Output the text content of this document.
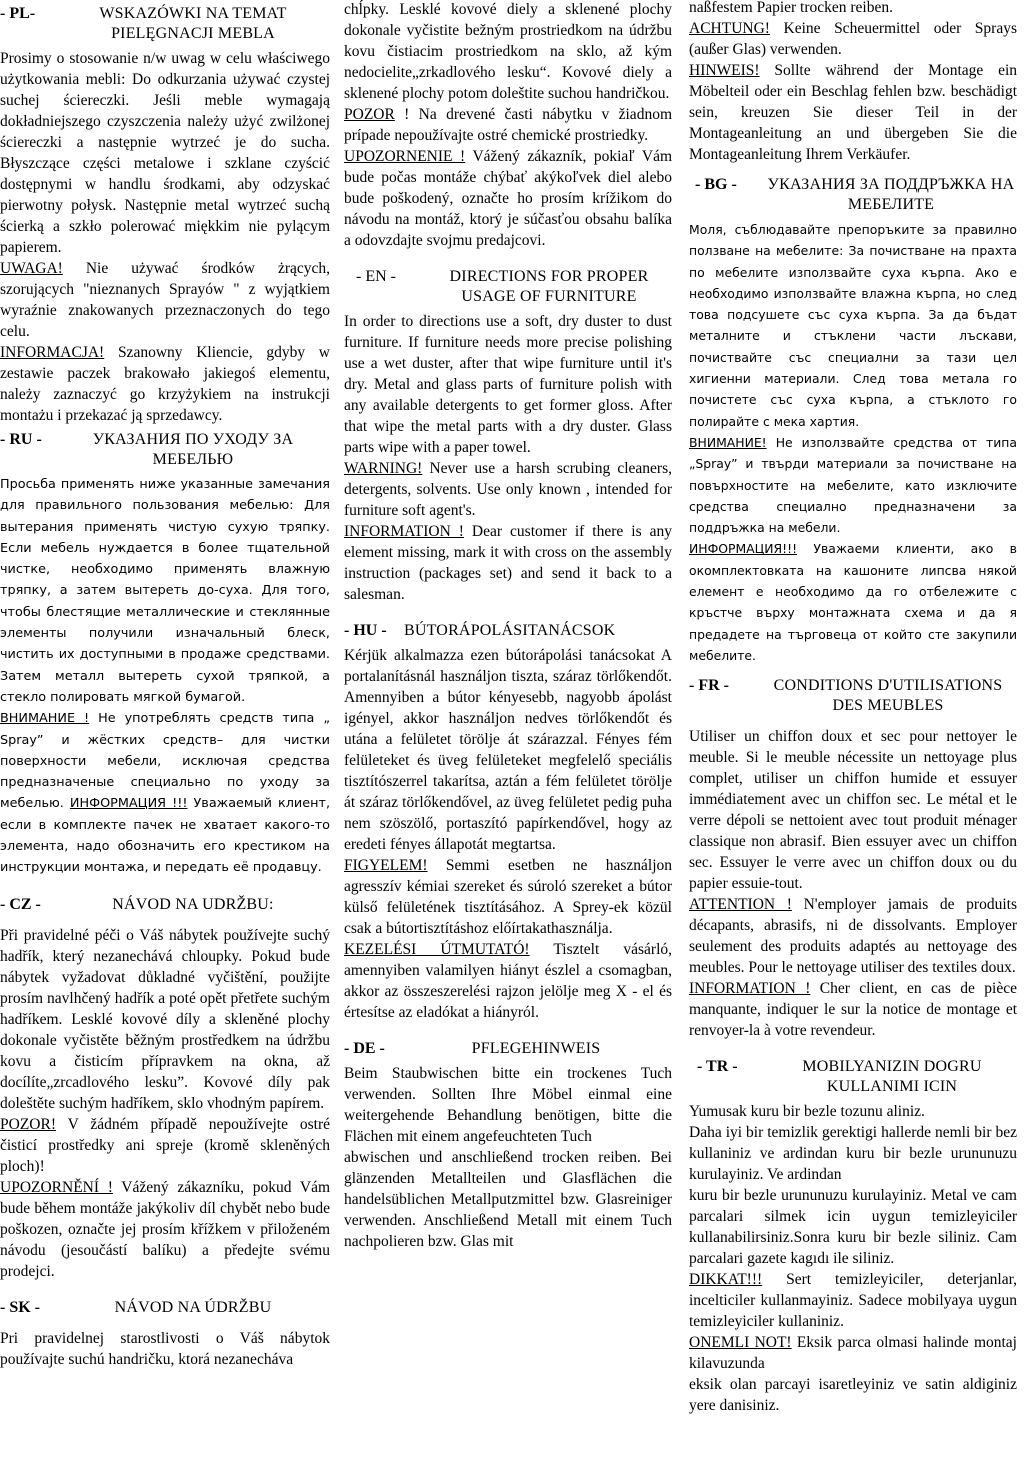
- PL-	WSKAZÓWKI NA TEMAT PIELĘGNACJI MEBLA

Prosimy o stosowanie n/w uwag w celu właściwego użytkowania mebli: Do odkurzania używać czystej suchej ściereczki. Jeśli meble wymagają dokładniejszego czyszczenia należy użyć zwilżonej ściereczki a następnie wytrzeć je do sucha. Błyszczące części metalowe i szklane czyścić dostępnymi w handlu środkami, aby odzyskać pierwotny połysk. Następnie metal wytrzeć suchą ścierką a szkło polerować miękkim nie pylącym papierem.

UWAGA! Nie używać środków żrących, szorujących "nieznanych Sprayów " z wyjątkiem wyraźnie znakowanych przeznaczonych do tego celu.

INFORMACJA! Szanowny Kliencie, gdyby w zestawie paczek brakowało jakiegoś elementu, należy zaznaczyć go krzyżykiem na instrukcji montażu i przekazać ją sprzedawcy.

- RU -	УКАЗАНИЯ ПО УХОДУ ЗА МЕБЕЛЬЮ

Просьба применять ниже указанные замечания для правильного пользования мебелью: Для вытерания применять чистую сухую тряпку. Если мебель нуждается в более тщательной чистке, необходимо применять влажную тряпку, а затем вытереть до-суха. Для того, чтобы блестящие металлические и стеклянные элементы получили изначальный блеск, чистить их доступными в продаже средствами. Затем металл вытереть сухой тряпкой, а стекло полировать мягкой бумагой.

ВНИМАНИЕ ! Не употреблять средств типа „ Spray” и жёстких средств– для чистки поверхности мебели, исключая средства предназначеные специально по уходу за мебелью. ИНФОРМАЦИЯ !!! Уважаемый клиент, если в комплекте пачек не хватает какого-то элемента, надо обозначить его крестиком на инструкции монтажа, и передать её продавцу.

- CZ -	NÁVOD NA UDRŽBU:

Při pravidelné péči o Váš nábytek používejte suchý hadřík, který nezanechává chloupky. Pokud bude nábytek vyžadovat důkladné vyčištění, použijte prosím navlhčený hadřík a poté opět přetřete suchým hadříkem. Lesklé kovové díly a skleněné plochy dokonale vyčistěte běžným prostředkem na údržbu kovu a čisticím přípravkem na okna, až docílíte„zrcadlového lesku”. Kovové díly pak doleštěte suchým hadříkem, sklo vhodným papírem.

POZOR! V žádném případě nepoužívejte ostré čisticí prostředky ani spreje (kromě skleněných ploch)!

UPOZORNĚNÍ ! Vážený zákazníku, pokud Vám bude během montáže jakýkoliv díl chybět nebo bude poškozen, označte jej prosím křížkem v přiloženém návodu (jesoučástí balíku) a předejte svému prodejci.

- SK -	NÁVOD NA ÚDRŽBU

Pri pravidelnej starostlivosti o Váš nábytok používajte suchú handričku, ktorá nezanecháva

chĺpky. Lesklé kovové diely a sklenené plochy dokonale vyčistite bežným prostriedkom na údržbu kovu čistiacim prostriedkom na sklo, až kým nedocielite„zrkadlového lesku“. Kovové diely a sklenené plochy potom doleštite suchou handričkou.

POZOR ! Na drevené časti nábytku v žiadnom prípade nepoužívajte ostré chemické prostriedky.

UPOZORNENIE ! Vážený zákazník, pokiaľ Vám bude počas montáže chýbať akýkoľvek diel alebo bude poškodený, označte ho prosím krížikom do návodu na montáž, ktorý je súčasťou obsahu balíka a odovzdajte svojmu predajcovi.

- EN -	DIRECTIONS FOR PROPER USAGE OF FURNITURE

In order to directions use a soft, dry duster to dust furniture. If furniture needs more precise polishing use a wet duster, after that wipe furniture until it's dry. Metal and glass parts of furniture polish with any available detergents to get former gloss. After that wipe the metal parts with a dry duster. Glass parts wipe with a paper towel.

WARNING! Never use a harsh scrubing cleaners, detergents, solvents. Use only known , intended for furniture soft agent's.

INFORMATION ! Dear customer if there is any element missing, mark it with cross on the assembly instruction (packages set) and send it back to a salesman.

- HU -	BÚTORÁPOLÁSITANÁCSOK

Kérjük alkalmazza ezen bútorápolási tanácsokat A portalanításnál használjon tiszta, száraz törlőkendőt. Amennyiben a bútor kényesebb, nagyobb ápolást igényel, akkor használjon nedves törlőkendőt és utána a felületet törölje át szárazzal. Fényes fém felületeket és üveg felületeket megfelelő speciális tisztítószerrel takarítsa, aztán a fém felületet törölje át száraz törlőkendővel, az üveg felületet pedig puha nem szöszölő, portaszító papírkendővel, hogy az eredeti fényes állapotát megtartsa.

FIGYELEM! Semmi esetben ne használjon agresszív kémiai szereket és súroló szereket a bútor külső felületének tisztításához. A Sprey-ek közül csak a bútortisztításhoz előírtakathasználja.

KEZELÉSI ÚTMUTATÓ! Tisztelt vásárló, amennyiben valamilyen hiányt észlel a csomagban, akkor az összeszerelési rajzon jelölje meg X - el és értesítse az eladókat a hiányról.

- DE -	PFLEGEHINWEIS

Beim Staubwischen bitte ein trockenes Tuch verwenden. Sollten Ihre Möbel einmal eine weitergehende Behandlung benötigen, bitte die Flächen mit einem angefeuchteten Tuch

abwischen und anschließend trocken reiben. Bei glänzenden Metallteilen und Glasflächen die handelsüblichen Metallputzmittel bzw. Glasreiniger verwenden. Anschließend Metall mit einem Tuch nachpolieren bzw. Glas mit

naßfestem Papier trocken reiben.

ACHTUNG! Keine Scheuermittel oder Sprays (außer Glas) verwenden.

HINWEIS! Sollte während der Montage ein Möbelteil oder ein Beschlag fehlen bzw. beschädigt sein, kreuzen Sie dieser Teil in der Montageanleitung an und übergeben Sie die Montageanleitung Ihrem Verkäufer.

- BG -	УКАЗАНИЯ ЗА ПОДДРЪЖКА НА МЕБЕЛИТЕ

Моля, съблюдавайте препоръките за правилно ползване на мебелите: За почистване на прахта по мебелите използвайте суха кърпа. Ако е необходимо използвайте влажна кърпа, но след това подсушете със суха кърпа. За да бъдат металните и стъклени части лъскави, почиствайте със специални за тази цел хигиенни материали. След това метала го почистете със суха кърпа, а стъклото го полирайте с мека хартия.

ВНИМАНИЕ! Не използвайте средства от типа „Spray” и твърди материали за почистване на повърхностите на мебелите, като изключите средства специално предназначени за поддръжка на мебели.

ИНФОРМАЦИЯ!!! Уважаеми клиенти, ако в окомплектовката на кашоните липсва някой елемент е необходимо да го отбележите с кръстче върху монтажната схема и да я предадете на търговеца от който сте закупили мебелите.

- FR -	CONDITIONS D'UTILISATIONS DES MEUBLES

Utiliser un chiffon doux et sec pour nettoyer le meuble. Si le meuble nécessite un nettoyage plus complet, utiliser un chiffon humide et essuyer immédiatement avec un chiffon sec. Le métal et le verre dépoli se nettoient avec tout produit ménager classique non abrasif. Bien essuyer avec un chiffon sec. Essuyer le verre avec un chiffon doux ou du papier essuie-tout.

ATTENTION ! N'employer jamais de produits décapants, abrasifs, ni de dissolvants. Employer seulement des produits adaptés au nettoyage des meubles. Pour le nettoyage utiliser des textiles doux.

INFORMATION ! Cher client, en cas de pièce manquante, indiquer le sur la notice de montage et renvoyer-la à votre revendeur.

- TR -	MOBILYANIZIN DOGRU KULLANIMI ICIN

Yumusak kuru bir bezle tozunu aliniz.

Daha iyi bir temizlik gerektigi hallerde nemli bir bez kullaniniz ve ardindan kuru bir bezle urununuzu kurulayiniz. Ve ardindan

kuru bir bezle urununuzu kurulayiniz. Metal ve cam parcalari silmek icin uygun temizleyiciler kullanabilirsiniz.Sonra kuru bir bezle siliniz. Cam parcalari gazete kagıdı ile siliniz.

DIKKAT!!! Sert temizleyiciler, deterjanlar, incelticiler kullanmayiniz. Sadece mobilyaya uygun temizleyiciler kullaniniz.

ONEMLI NOT! Eksik parca olmasi halinde montaj kilavuzunda

eksik olan parcayi isaretleyiniz ve satin aldiginiz yere danisiniz.
